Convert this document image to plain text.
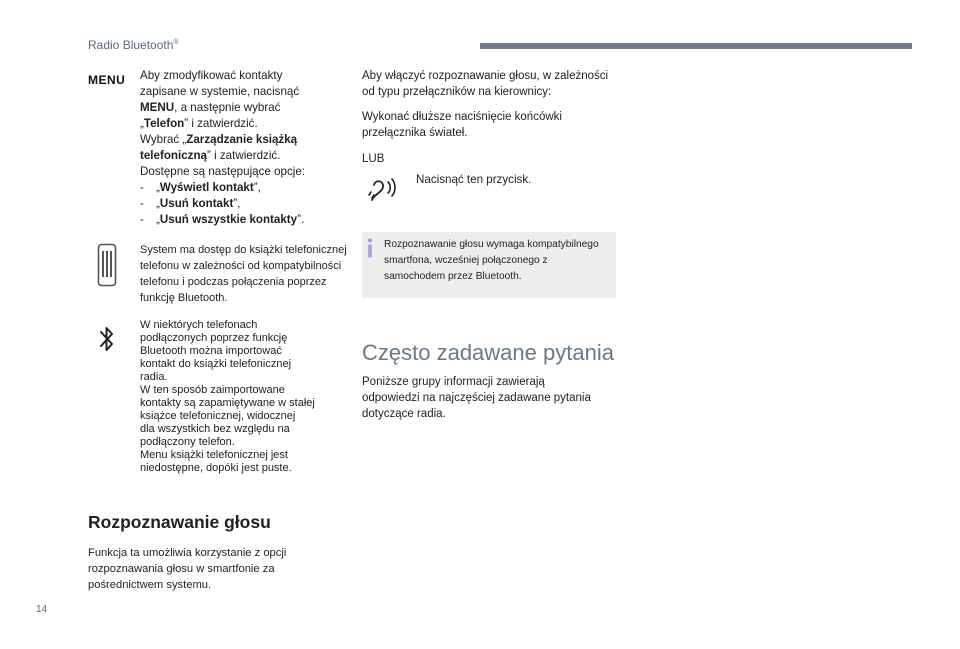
Radio Bluetooth®
MENU Aby zmodyfikować kontakty
zapisane w systemie, nacisnąć
MENU, a następnie wybrać
„Telefon” i zatwierdzić.
Wybrać „Zarządzanie książką
telefoniczną” i zatwierdzić.
Dostępne są następujące opcje:
- „Wyświetl kontakt”,
- „Usuń kontakt”,
- „Usuń wszystkie kontakty”.
System ma dostęp do książki telefonicznej telefonu w zależności od kompatybilności telefonu i podczas połączenia poprzez funkcję Bluetooth.
W niektórych telefonach
podłączonych poprzez funkcję
Bluetooth można importować
kontakt do książki telefonicznej
radia.
W ten sposób zaimportowane
kontakty są zapamiętywane w stałej
książce telefonicznej, widocznej
dla wszystkich bez względu na
podłączony telefon.
Menu książki telefonicznej jest
niedostępne, dopóki jest puste.
Rozpoznawanie głosu
Funkcja ta umożliwia korzystanie z opcji rozpoznawania głosu w smartfonie za pośrednictwem systemu.
Aby włączyć rozpoznawanie głosu, w zależności od typu przełączników na kierownicy:
Wykonać dłuższe naciśnięcie końcówki przełącznika świateł.
LUB
Nacisnąć ten przycisk.
Rozpoznawanie głosu wymaga kompatybilnego smartfona, wcześniej połączonego z samochodem przez Bluetooth.
Często zadawane pytania
Poniższe grupy informacji zawierają odpowiedzi na najczęściej zadawane pytania dotyczące radia.
14
